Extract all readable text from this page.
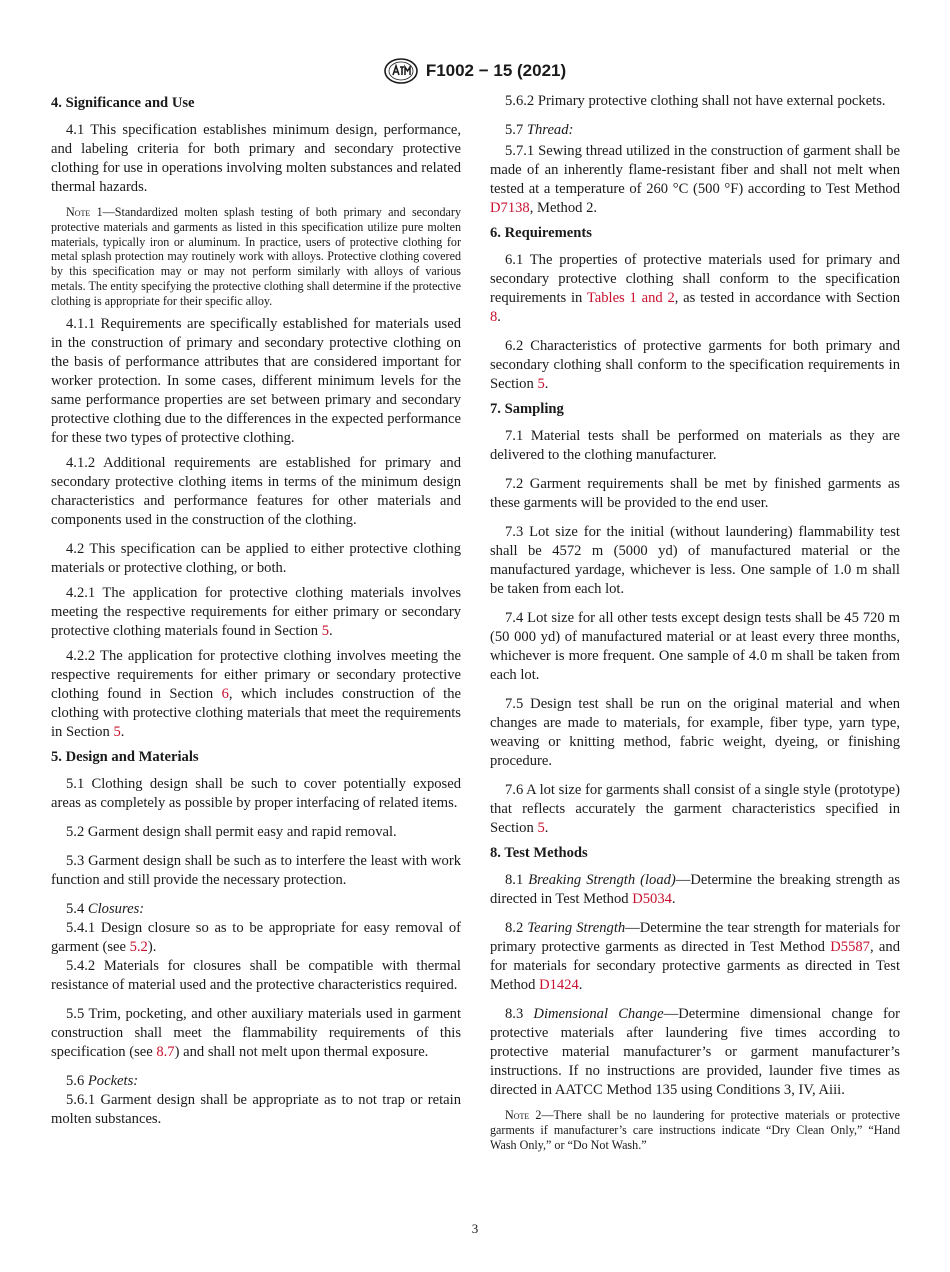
F1002 − 15 (2021)

4. Significance and Use

4.1 This specification establishes minimum design, performance, and labeling criteria for both primary and secondary protective clothing for use in operations involving molten substances and related thermal hazards.

Note 1—Standardized molten splash testing of both primary and secondary protective materials and garments as listed in this specification utilize pure molten materials, typically iron or aluminum. In practice, users of protective clothing for metal splash protection may routinely work with alloys. Protective clothing covered by this specification may or may not perform similarly with alloys of various metals. The entity specifying the protective clothing shall determine if the protective clothing is appropriate for their specific alloy.

4.1.1 Requirements are specifically established for materials used in the construction of primary and secondary protective clothing on the basis of performance attributes that are considered important for worker protection. In some cases, different minimum levels for the same performance properties are set between primary and secondary protective clothing due to the differences in the expected performance for these two types of protective clothing.

4.1.2 Additional requirements are established for primary and secondary protective clothing items in terms of the minimum design characteristics and performance features for other materials and components used in the construction of the clothing.

4.2 This specification can be applied to either protective clothing materials or protective clothing, or both.

4.2.1 The application for protective clothing materials involves meeting the respective requirements for either primary or secondary protective clothing materials found in Section 5.

4.2.2 The application for protective clothing involves meeting the respective requirements for either primary or secondary protective clothing found in Section 6, which includes construction of the clothing with protective clothing materials that meet the requirements in Section 5.

5. Design and Materials

5.1 Clothing design shall be such to cover potentially exposed areas as completely as possible by proper interfacing of related items.

5.2 Garment design shall permit easy and rapid removal.

5.3 Garment design shall be such as to interfere the least with work function and still provide the necessary protection.

5.4 Closures:

5.4.1 Design closure so as to be appropriate for easy removal of garment (see 5.2).

5.4.2 Materials for closures shall be compatible with thermal resistance of material used and the protective characteristics required.

5.5 Trim, pocketing, and other auxiliary materials used in garment construction shall meet the flammability requirements of this specification (see 8.7) and shall not melt upon thermal exposure.

5.6 Pockets:

5.6.1 Garment design shall be appropriate as to not trap or retain molten substances.

5.6.2 Primary protective clothing shall not have external pockets.

5.7 Thread:

5.7.1 Sewing thread utilized in the construction of garment shall be made of an inherently flame-resistant fiber and shall not melt when tested at a temperature of 260 °C (500 °F) according to Test Method D7138, Method 2.

6. Requirements

6.1 The properties of protective materials used for primary and secondary protective clothing shall conform to the specification requirements in Tables 1 and 2, as tested in accordance with Section 8.

6.2 Characteristics of protective garments for both primary and secondary clothing shall conform to the specification requirements in Section 5.

7. Sampling

7.1 Material tests shall be performed on materials as they are delivered to the clothing manufacturer.

7.2 Garment requirements shall be met by finished garments as these garments will be provided to the end user.

7.3 Lot size for the initial (without laundering) flammability test shall be 4572 m (5000 yd) of manufactured material or the manufactured yardage, whichever is less. One sample of 1.0 m shall be taken from each lot.

7.4 Lot size for all other tests except design tests shall be 45 720 m (50 000 yd) of manufactured material or at least every three months, whichever is more frequent. One sample of 4.0 m shall be taken from each lot.

7.5 Design test shall be run on the original material and when changes are made to materials, for example, fiber type, yarn type, weaving or knitting method, fabric weight, dyeing, or finishing procedure.

7.6 A lot size for garments shall consist of a single style (prototype) that reflects accurately the garment characteristics specified in Section 5.

8. Test Methods

8.1 Breaking Strength (load)—Determine the breaking strength as directed in Test Method D5034.

8.2 Tearing Strength—Determine the tear strength for materials for primary protective garments as directed in Test Method D5587, and for materials for secondary protective garments as directed in Test Method D1424.

8.3 Dimensional Change—Determine dimensional change for protective materials after laundering five times according to protective material manufacturer’s or garment manufacturer’s instructions. If no instructions are provided, launder five times as directed in AATCC Method 135 using Conditions 3, IV, Aiii.

Note 2—There shall be no laundering for protective materials or protective garments if manufacturer’s care instructions indicate “Dry Clean Only,” “Hand Wash Only,” or “Do Not Wash.”

3
